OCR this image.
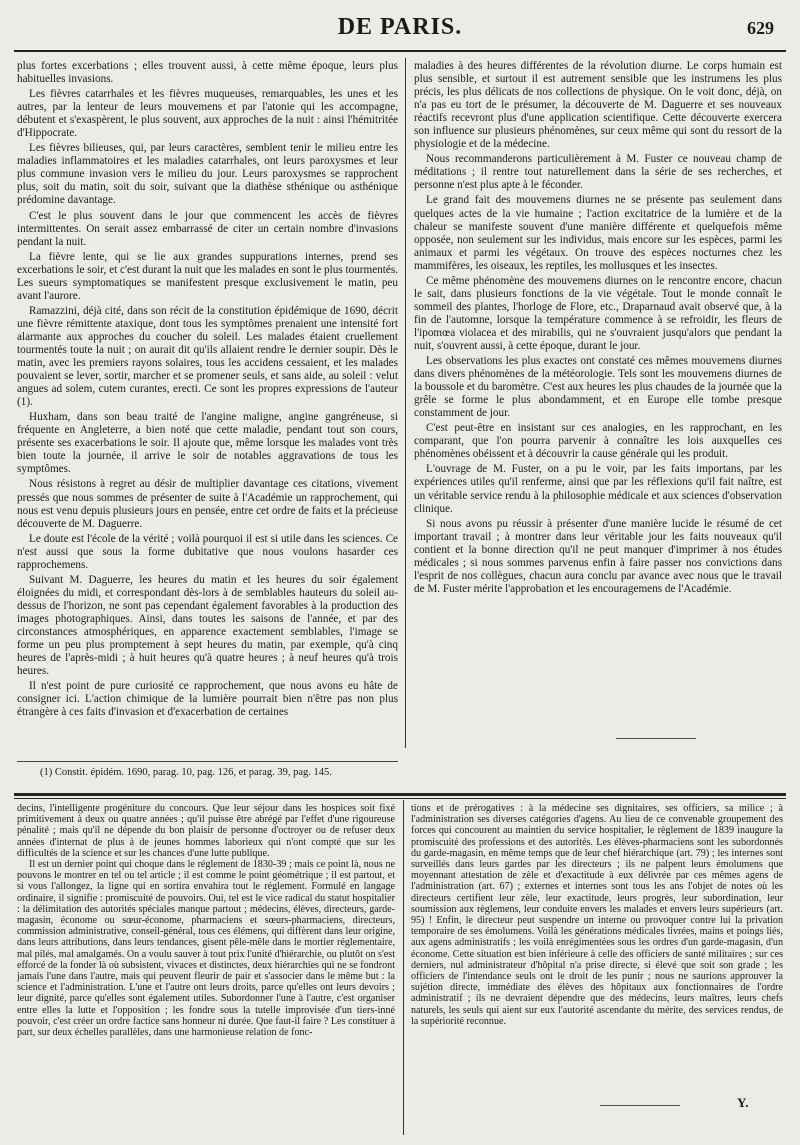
DE PARIS.	629

plus fortes excerbations ; elles trouvent aussi, à cette même époque, leurs plus habituelles invasions.

Les fièvres catarrhales et les fièvres muqueuses, remarquables, les unes et les autres, par la lenteur de leurs mouvemens et par l'atonie qui les accompagne, débutent et s'exaspèrent, le plus souvent, aux approches de la nuit : ainsi l'hémitritée d'Hippocrate.

Les fièvres bilieuses, qui, par leurs caractères, semblent tenir le milieu entre les maladies inflammatoires et les maladies catarrhales, ont leurs paroxysmes et leur plus commune invasion vers le milieu du jour. Leurs paroxysmes se rapprochent plus, soit du matin, soit du soir, suivant que la diathèse sthénique ou asthénique prédomine davantage.

C'est le plus souvent dans le jour que commencent les accès de fièvres intermittentes. On serait assez embarrassé de citer un certain nombre d'invasions pendant la nuit.

La fièvre lente, qui se lie aux grandes suppurations internes, prend ses excerbations le soir, et c'est durant la nuit que les malades en sont le plus tourmentés. Les sueurs symptomatiques se manifestent presque exclusivement le matin, peu avant l'aurore.

Ramazzini, déjà cité, dans son récit de la constitution épidémique de 1690, décrit une fièvre rémittente ataxique, dont tous les symptômes prenaient une intensité fort alarmante aux approches du coucher du soleil. Les malades étaient cruellement tourmentés toute la nuit ; on aurait dit qu'ils allaient rendre le dernier soupir. Dès le matin, avec les premiers rayons solaires, tous les accidens cessaient, et les malades pouvaient se lever, sortir, marcher et se promener seuls, et sans aide, au soleil : velut angues ad solem, cutem curantes, erecti. Ce sont les propres expressions de l'auteur (1).

Huxham, dans son beau traité de l'angine maligne, angine gangréneuse, si fréquente en Angleterre, a bien noté que cette maladie, pendant tout son cours, présente ses exacerbations le soir. Il ajoute que, même lorsque les malades vont très bien toute la journée, il arrive le soir de notables aggravations de tous les symptômes.

Nous résistons à regret au désir de multiplier davantage ces citations, vivement pressés que nous sommes de présenter de suite à l'Académie un rapprochement, qui nous est venu depuis plusieurs jours en pensée, entre cet ordre de faits et la précieuse découverte de M. Daguerre.

Le doute est l'école de la vérité ; voilà pourquoi il est si utile dans les sciences. Ce n'est aussi que sous la forme dubitative que nous voulons hasarder ces rapprochemens.

Suivant M. Daguerre, les heures du matin et les heures du soir également éloignées du midi, et correspondant dès-lors à de semblables hauteurs du soleil au-dessus de l'horizon, ne sont pas cependant également favorables à la production des images photographiques. Ainsi, dans toutes les saisons de l'année, et par des circonstances atmosphériques, en apparence exactement semblables, l'image se forme un peu plus promptement à sept heures du matin, par exemple, qu'à cinq heures de l'après-midi ; à huit heures qu'à quatre heures ; à neuf heures qu'à trois heures.

Il n'est point de pure curiosité ce rapprochement, que nous avons eu hâte de consigner ici. L'action chimique de la lumière pourrait bien n'être pas non plus étrangère à ces faits d'invasion et d'exacerbation de certaines

maladies à des heures différentes de la révolution diurne. Le corps humain est plus sensible, et surtout il est autrement sensible que les instrumens les plus précis, les plus délicats de nos collections de physique. On le voit donc, déjà, on n'a pas eu tort de le présumer, la découverte de M. Daguerre et ses nouveaux réactifs recevront plus d'une application scientifique. Cette découverte exercera son influence sur plusieurs phénomènes, sur ceux même qui sont du ressort de la physiologie et de la médecine.

Nous recommanderons particulièrement à M. Fuster ce nouveau champ de méditations ; il rentre tout naturellement dans la série de ses recherches, et personne n'est plus apte à le féconder.

Le grand fait des mouvemens diurnes ne se présente pas seulement dans quelques actes de la vie humaine ; l'action excitatrice de la lumière et de la chaleur se manifeste souvent d'une manière différente et quelquefois même opposée, non seulement sur les individus, mais encore sur les espèces, parmi les animaux et parmi les végétaux. On trouve des espèces nocturnes chez les mammifères, les oiseaux, les reptiles, les mollusques et les insectes.

Ce même phénomène des mouvemens diurnes on le rencontre encore, chacun le sait, dans plusieurs fonctions de la vie végétale. Tout le monde connaît le sommeil des plantes, l'horloge de Flore, etc., Draparnaud avait observé que, à la fin de l'automne, lorsque la température commence à se refroidir, les fleurs de l'ipomœa violacea et des mirabilis, qui ne s'ouvraient jusqu'alors que pendant la nuit, s'ouvrent aussi, à cette époque, durant le jour.

Les observations les plus exactes ont constaté ces mêmes mouvemens diurnes dans divers phénomènes de la météorologie. Tels sont les mouvemens diurnes de la boussole et du baromètre. C'est aux heures les plus chaudes de la journée que la grêle se forme le plus abondamment, et en Europe elle tombe presque constamment de jour.

C'est peut-être en insistant sur ces analogies, en les rapprochant, en les comparant, que l'on pourra parvenir à connaître les lois auxquelles ces phénomènes obéissent et à découvrir la cause générale qui les produit.

L'ouvrage de M. Fuster, on a pu le voir, par les faits importans, par les expériences utiles qu'il renferme, ainsi que par les réflexions qu'il fait naître, est un véritable service rendu à la philosophie médicale et aux sciences d'observation clinique.

Si nous avons pu réussir à présenter d'une manière lucide le résumé de cet important travail ; à montrer dans leur véritable jour les faits nouveaux qu'il contient et la bonne direction qu'il ne peut manquer d'imprimer à nos études médicales ; si nous sommes parvenus enfin à faire passer nos convictions dans l'esprit de nos collègues, chacun aura conclu par avance avec nous que le travail de M. Fuster mérite l'approbation et les encouragemens de l'Académie.

(1) Constit. épidém. 1690, parag. 10, pag. 126, et parag. 39, pag. 145.

decins, l'intelligente progéniture du concours. Que leur séjour dans les hospices soit fixé primitivement à deux ou quatre années ; qu'il puisse être abrégé par l'effet d'une rigoureuse pénalité ; mais qu'il ne dépende du bon plaisir de personne d'octroyer ou de refuser deux années d'internat de plus à de jeunes hommes laborieux qui n'ont compté que sur les difficultés de la science et sur les chances d'une lutte publique.

Il est un dernier point qui choque dans le réglement de 1830-39 ; mais ce point là, nous ne pouvons le montrer en tel ou tel article ; il est comme le point géométrique ; il est partout, et si vous l'allongez, la ligne qui en sortira envahira tout le réglement. Formulé en langage ordinaire, il signifie : promiscuité de pouvoirs. Oui, tel est le vice radical du statut hospitalier : la délimitation des autorités spéciales manque partout ; médecins, élèves, directeurs, garde-magasin, économe ou sœur-économe, pharmaciens et sœurs-pharmaciens, directeurs, commission administrative, conseil-général, tous ces élémens, qui diffèrent dans leur origine, dans leurs attributions, dans leurs tendances, gisent pêle-mêle dans le mortier réglementaire, mal pilés, mal amalgamés. On a voulu sauver à tout prix l'unité d'hiérarchie, ou plutôt on s'est efforcé de la fonder là où subsistent, vivaces et distinctes, deux hiérarchies qui ne se fondront jamais l'une dans l'autre, mais qui peuvent fleurir de pair et s'associer dans le même but : la science et l'administration. L'une et l'autre ont leurs droits, parce qu'elles ont leurs devoirs ; leur dignité, parce qu'elles sont également utiles. Subordonner l'une à l'autre, c'est organiser entre elles la lutte et l'opposition ; les fondre sous la tutelle improvisée d'un tiers-inné pouvoir, c'est créer un ordre factice sans honneur ni durée. Que faut-il faire ? Les constituer à part, sur deux échelles parallèles, dans une harmonieuse relation de fonc-

tions et de prérogatives : à la médecine ses dignitaires, ses officiers, sa milice ; à l'administration ses diverses catégories d'agens. Au lieu de ce convenable groupement des forces qui concourent au maintien du service hospitalier, le règlement de 1839 inaugure la promiscuité des professions et des autorités. Les élèves-pharmaciens sont les subordonnés du garde-magasin, en même temps que de leur chef hiérarchique (art. 79) ; les internes sont surveillés dans leurs gardes par les directeurs ; ils ne palpent leurs émolumens que moyennant attestation de zèle et d'exactitude à eux délivrée par ces mêmes agens de l'administration (art. 67) ; externes et internes sont tous les ans l'objet de notes où les directeurs certifient leur zèle, leur exactitude, leurs progrès, leur subordination, leur soumission aux règlemens, leur conduite envers les malades et envers leurs supérieurs (art. 95) ! Enfin, le directeur peut suspendre un interne ou provoquer contre lui la privation temporaire de ses émolumens. Voilà les générations médicales livrées, mains et poings liés, aux agens administratifs ; les voilà enrégimentées sous les ordres d'un garde-magasin, d'un économe. Cette situation est bien inférieure à celle des officiers de santé militaires ; sur ces derniers, nul administrateur d'hôpital n'a prise directe, si élevé que soit son grade ; les officiers de l'intendance seuls ont le droit de les punir ; nous ne saurions approuver la sujétion directe, immédiate des élèves des hôpitaux aux fonctionnaires de l'ordre administratif ; ils ne devraient dépendre que des médecins, leurs maîtres, leurs chefs naturels, les seuls qui aient sur eux l'autorité ascendante du mérite, des services rendus, de la supériorité reconnue.

Y.
